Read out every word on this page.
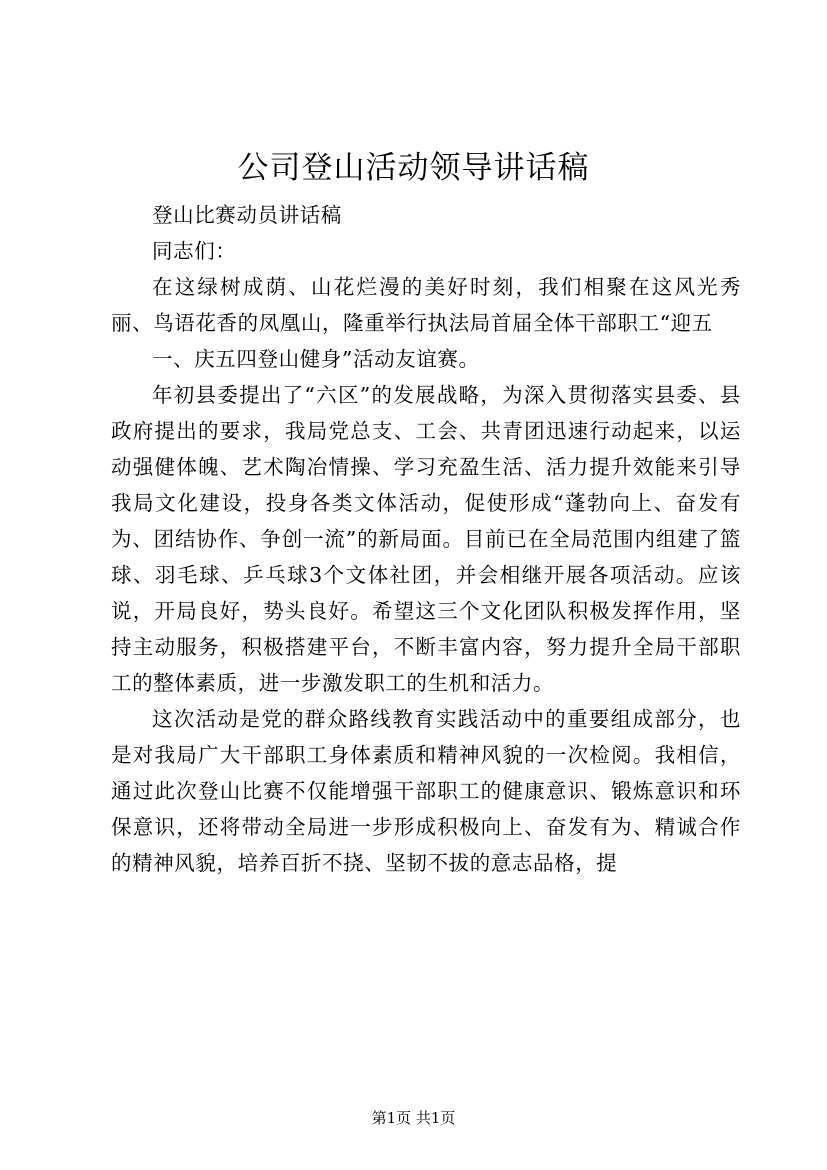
公司登山活动领导讲话稿

登山比赛动员讲话稿

同志们：

在这绿树成荫、山花烂漫的美好时刻，我们相聚在这风光秀丽、鸟语花香的凤凰山，隆重举行执法局首届全体干部职工“迎五

一、庆五四登山健身”活动友谊赛。

年初县委提出了“六区”的发展战略，为深入贯彻落实县委、县政府提出的要求，我局党总支、工会、共青团迅速行动起来，以运动强健体魄、艺术陶冶情操、学习充盈生活、活力提升效能来引导我局文化建设，投身各类文体活动，促使形成“蓬勃向上、奋发有为、团结协作、争创一流”的新局面。目前已在全局范围内组建了篮球、羽毛球、乒乓球3个文体社团，并会相继开展各项活动。应该说，开局良好，势头良好。希望这三个文化团队积极发挥作用，坚持主动服务，积极搭建平台，不断丰富内容，努力提升全局干部职工的整体素质，进一步激发职工的生机和活力。

这次活动是党的群众路线教育实践活动中的重要组成部分，也是对我局广大干部职工身体素质和精神风貌的一次检阅。我相信，通过此次登山比赛不仅能增强干部职工的健康意识、锻炼意识和环保意识，还将带动全局进一步形成积极向上、奋发有为、精诚合作的精神风貌，培养百折不挠、坚韧不拔的意志品格，提

第1页 共1页
